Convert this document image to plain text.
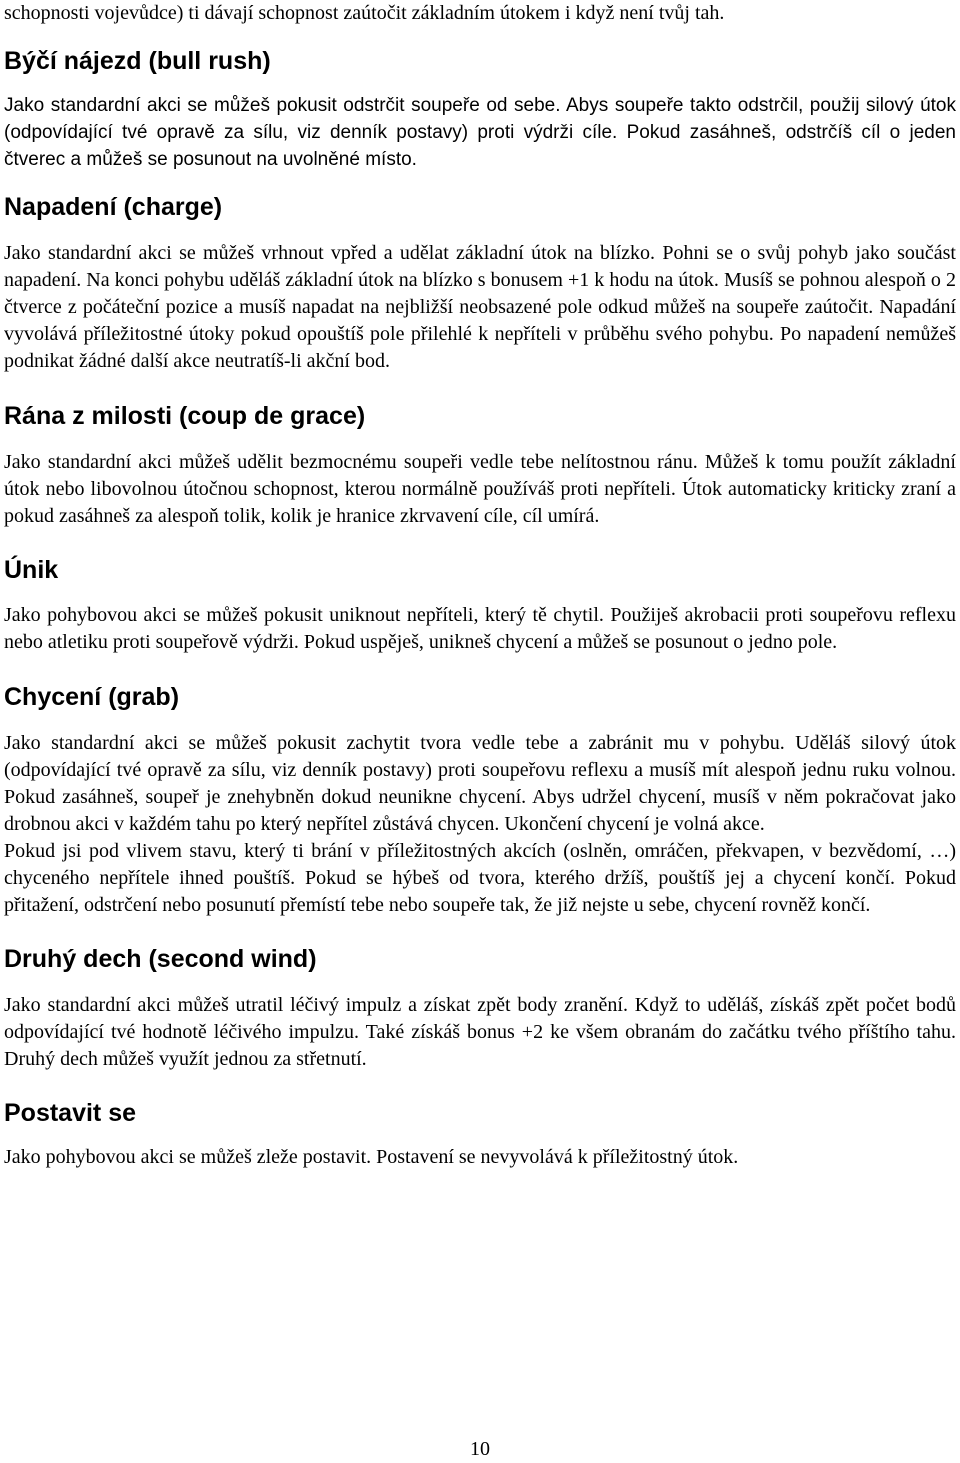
schopnosti vojevůdce) ti dávají schopnost zaútočit základním útokem i když není tvůj tah.

Býčí nájezd (bull rush)

Jako standardní akci se můžeš pokusit odstrčit soupeře od sebe. Abys soupeře takto odstrčil, použij silový útok (odpovídající tvé opravě za sílu, viz denník postavy) proti výdrži cíle. Pokud zasáhneš, odstrčíš cíl o jeden čtverec a můžeš se posunout na uvolněné místo.

Napadení (charge)

Jako standardní akci se můžeš vrhnout vpřed a udělat základní útok na blízko. Pohni se o svůj pohyb jako součást napadení. Na konci pohybu uděláš základní útok na blízko s bonusem +1 k hodu na útok. Musíš se pohnou alespoň o 2 čtverce z počáteční pozice a musíš napadat na nejbližší neobsazené pole odkud můžeš na soupeře zaútočit. Napadání vyvolává příležitostné útoky pokud opouštíš pole přilehlé k nepříteli v průběhu svého pohybu. Po napadení nemůžeš podnikat žádné další akce neutratíš-li akční bod.

Rána z milosti (coup de grace)

Jako standardní akci můžeš udělit bezmocnému soupeři vedle tebe nelítostnou ránu. Můžeš k tomu použít základní útok nebo libovolnou útočnou schopnost, kterou normálně používáš proti nepříteli. Útok automaticky kriticky zraní a pokud zasáhneš za alespoň tolik, kolik je hranice zkrvavení cíle, cíl umírá.

Únik

Jako pohybovou akci se můžeš pokusit uniknout nepříteli, který tě chytil. Použiješ akrobacii proti soupeřovu reflexu nebo atletiku proti soupeřově výdrži. Pokud uspěješ, unikneš chycení a můžeš se posunout o jedno pole.

Chycení (grab)

Jako standardní akci se můžeš pokusit zachytit tvora vedle tebe a zabránit mu v pohybu. Uděláš silový útok (odpovídající tvé opravě za sílu, viz denník postavy) proti soupeřovu reflexu a musíš mít alespoň jednu ruku volnou. Pokud zasáhneš, soupeř je znehybněn dokud neunikne chycení. Abys udržel chycení, musíš v něm pokračovat jako drobnou akci v každém tahu po který nepřítel zůstává chycen. Ukončení chycení je volná akce.

Pokud jsi pod vlivem stavu, který ti brání v příležitostných akcích (oslněn, omráčen, překvapen, v bezvědomí, …) chyceného nepřítele ihned pouštíš. Pokud se hýbeš od tvora, kterého držíš, pouštíš jej a chycení končí. Pokud přitažení, odstrčení nebo posunutí přemístí tebe nebo soupeře tak, že již nejste u sebe, chycení rovněž končí.

Druhý dech (second wind)

Jako standardní akci můžeš utratil léčivý impulz a získat zpět body zranění. Když to uděláš, získáš zpět počet bodů odpovídající tvé hodnotě léčivého impulzu. Také získáš bonus +2 ke všem obranám do začátku tvého příštího tahu. Druhý dech můžeš využít jednou za střetnutí.

Postavit se

Jako pohybovou akci se můžeš zleže postavit. Postavení se nevyvolává k příležitostný útok.

10
